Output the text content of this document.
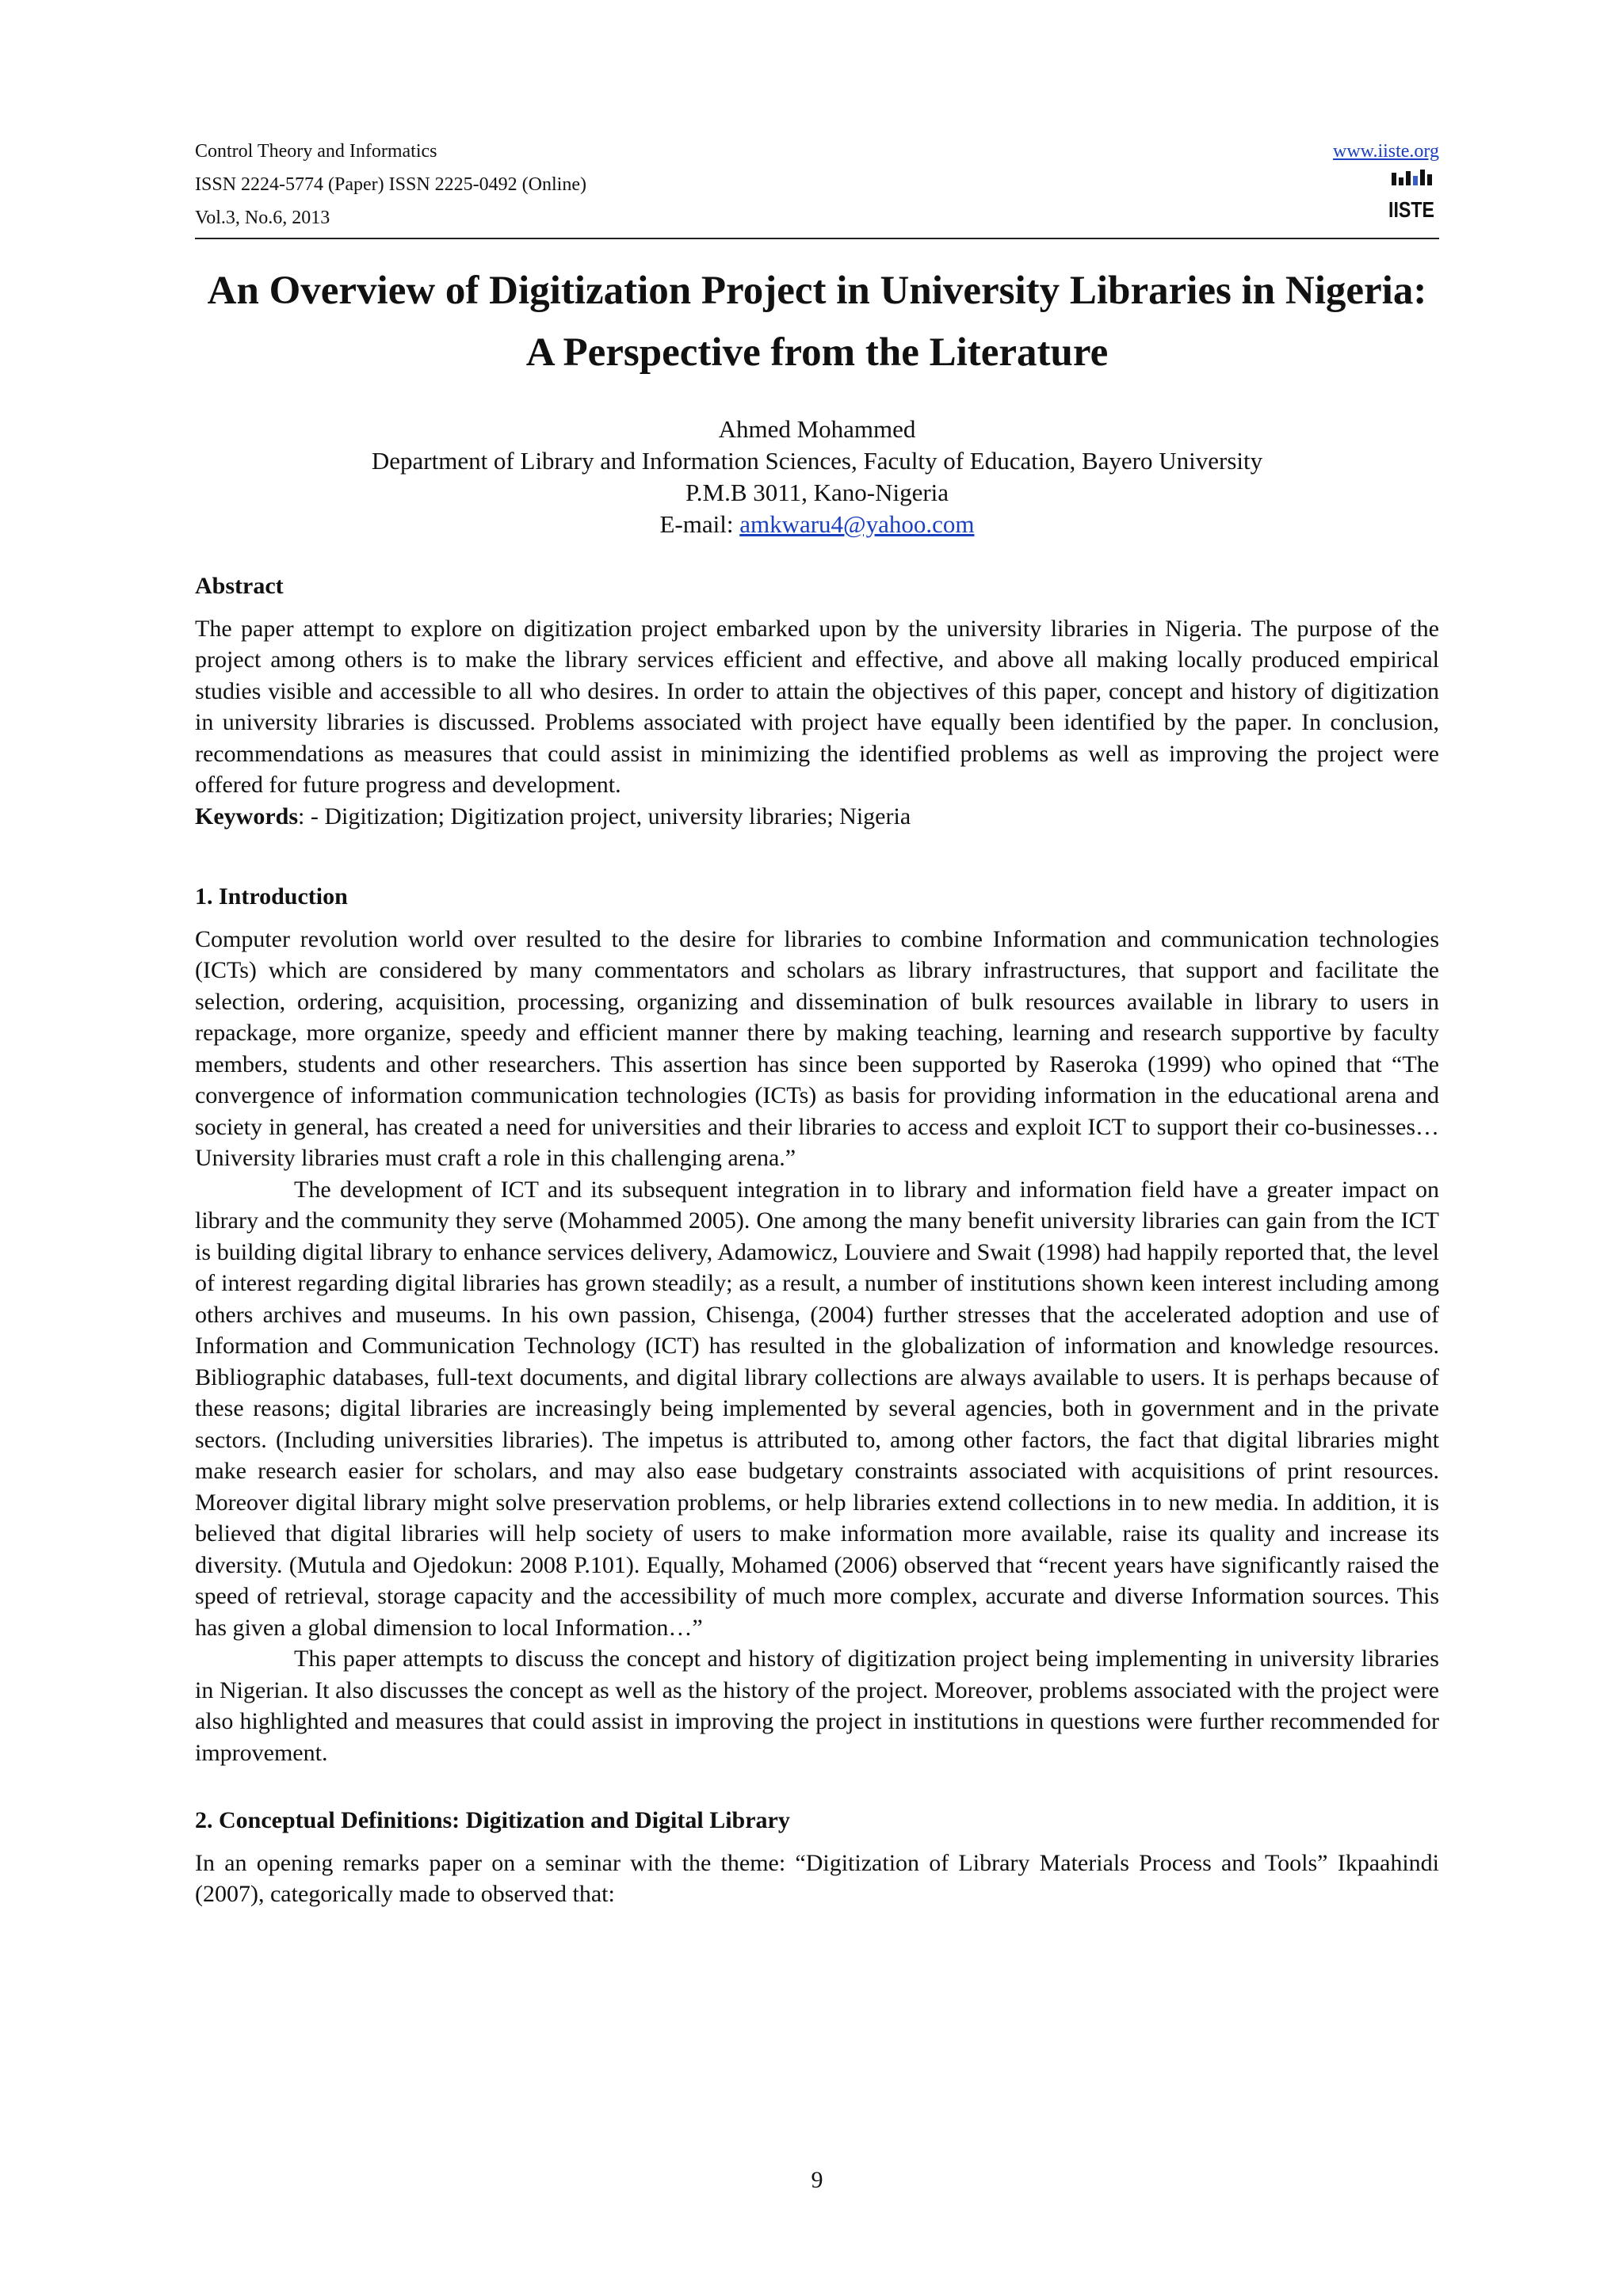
Control Theory and Informatics
ISSN 2224-5774 (Paper) ISSN 2225-0492 (Online)
Vol.3, No.6, 2013
www.iiste.org
IISTE
An Overview of Digitization Project in University Libraries in Nigeria: A Perspective from the Literature
Ahmed Mohammed
Department of Library and Information Sciences, Faculty of Education, Bayero University
P.M.B 3011, Kano-Nigeria
E-mail: amkwaru4@yahoo.com

Abstract

The paper attempt to explore on digitization project embarked upon by the university libraries in Nigeria. The purpose of the project among others is to make the library services efficient and effective, and above all making locally produced empirical studies visible and accessible to all who desires. In order to attain the objectives of this paper, concept and history of digitization in university libraries is discussed. Problems associated with project have equally been identified by the paper. In conclusion, recommendations as measures that could assist in minimizing the identified problems as well as improving the project were offered for future progress and development.

Keywords: - Digitization; Digitization project, university libraries; Nigeria

1. Introduction

Computer revolution world over resulted to the desire for libraries to combine Information and communication technologies (ICTs) which are considered by many commentators and scholars as library infrastructures, that support and facilitate the selection, ordering, acquisition, processing, organizing and dissemination of bulk resources available in library to users in repackage, more organize, speedy and efficient manner there by making teaching, learning and research supportive by faculty members, students and other researchers. This assertion has since been supported by Raseroka (1999) who opined that “The convergence of information communication technologies (ICTs) as basis for providing information in the educational arena and society in general, has created a need for universities and their libraries to access and exploit ICT to support their co-businesses… University libraries must craft a role in this challenging arena.”

The development of ICT and its subsequent integration in to library and information field have a greater impact on library and the community they serve (Mohammed 2005). One among the many benefit university libraries can gain from the ICT is building digital library to enhance services delivery, Adamowicz, Louviere and Swait (1998) had happily reported that, the level of interest regarding digital libraries has grown steadily; as a result, a number of institutions shown keen interest including among others archives and museums. In his own passion, Chisenga, (2004) further stresses that the accelerated adoption and use of Information and Communication Technology (ICT) has resulted in the globalization of information and knowledge resources. Bibliographic databases, full-text documents, and digital library collections are always available to users. It is perhaps because of these reasons; digital libraries are increasingly being implemented by several agencies, both in government and in the private sectors. (Including universities libraries). The impetus is attributed to, among other factors, the fact that digital libraries might make research easier for scholars, and may also ease budgetary constraints associated with acquisitions of print resources. Moreover digital library might solve preservation problems, or help libraries extend collections in to new media. In addition, it is believed that digital libraries will help society of users to make information more available, raise its quality and increase its diversity. (Mutula and Ojedokun: 2008 P.101). Equally, Mohamed (2006) observed that “recent years have significantly raised the speed of retrieval, storage capacity and the accessibility of much more complex, accurate and diverse Information sources. This has given a global dimension to local Information…”

This paper attempts to discuss the concept and history of digitization project being implementing in university libraries in Nigerian. It also discusses the concept as well as the history of the project. Moreover, problems associated with the project were also highlighted and measures that could assist in improving the project in institutions in questions were further recommended for improvement.

2. Conceptual Definitions: Digitization and Digital Library

In an opening remarks paper on a seminar with the theme: “Digitization of Library Materials Process and Tools” Ikpaahindi (2007), categorically made to observed that:

9
